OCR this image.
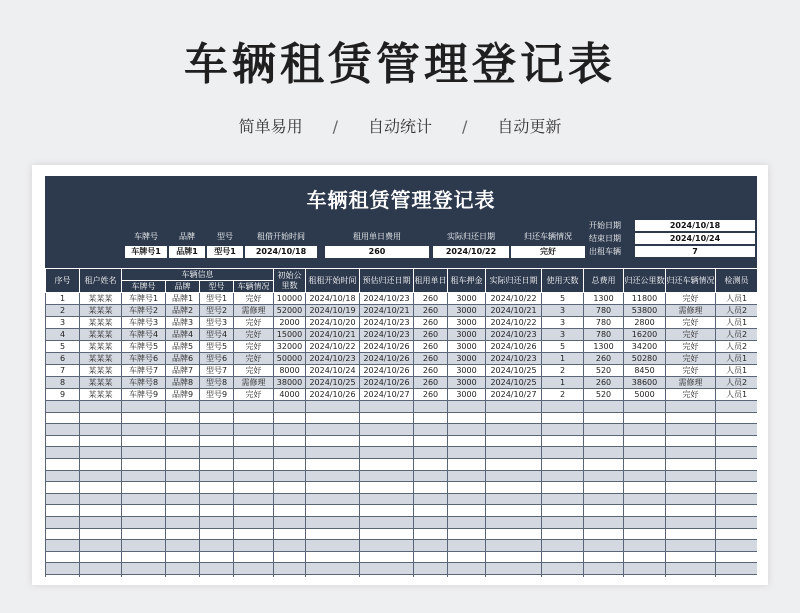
车辆租赁管理登记表
简单易用 / 自动统计 / 自动更新
车辆租赁管理登记表
车牌号	品牌	型号	租借开始时间	租用单日费用	实际归还日期	归还车辆情况
车牌号1	品牌1	型号1	2024/10/18	260	2024/10/22	完好
开始日期	2024/10/18
结束日期	2024/10/24
出租车辆	7
序号	租户姓名	车辆信息				初始公里数	租租开始时间	预估归还日期	租用单日	租车押金	实际归还日期	使用天数	总费用	归还公里数	归还车辆情况	检测员
		车牌号	品牌	型号	车辆情况											
1	某某某	车牌号1	品牌1	型号1	完好	10000	2024/10/18	2024/10/23	260	3000	2024/10/22	5	1300	11800	完好	人员1
2	某某某	车牌号2	品牌2	型号2	需修理	52000	2024/10/19	2024/10/21	260	3000	2024/10/21	3	780	53800	需修理	人员2
3	某某某	车牌号3	品牌3	型号3	完好	2000	2024/10/20	2024/10/23	260	3000	2024/10/22	3	780	2800	完好	人员1
4	某某某	车牌号4	品牌4	型号4	完好	15000	2024/10/21	2024/10/23	260	3000	2024/10/23	3	780	16200	完好	人员2
5	某某某	车牌号5	品牌5	型号5	完好	32000	2024/10/22	2024/10/26	260	3000	2024/10/26	5	1300	34200	完好	人员2
6	某某某	车牌号6	品牌6	型号6	完好	50000	2024/10/23	2024/10/26	260	3000	2024/10/23	1	260	50280	完好	人员1
7	某某某	车牌号7	品牌7	型号7	完好	8000	2024/10/24	2024/10/26	260	3000	2024/10/25	2	520	8450	完好	人员1
8	某某某	车牌号8	品牌8	型号8	需修理	38000	2024/10/25	2024/10/26	260	3000	2024/10/25	1	260	38600	需修理	人员2
9	某某某	车牌号9	品牌9	型号9	完好	4000	2024/10/26	2024/10/27	260	3000	2024/10/27	2	520	5000	完好	人员1
